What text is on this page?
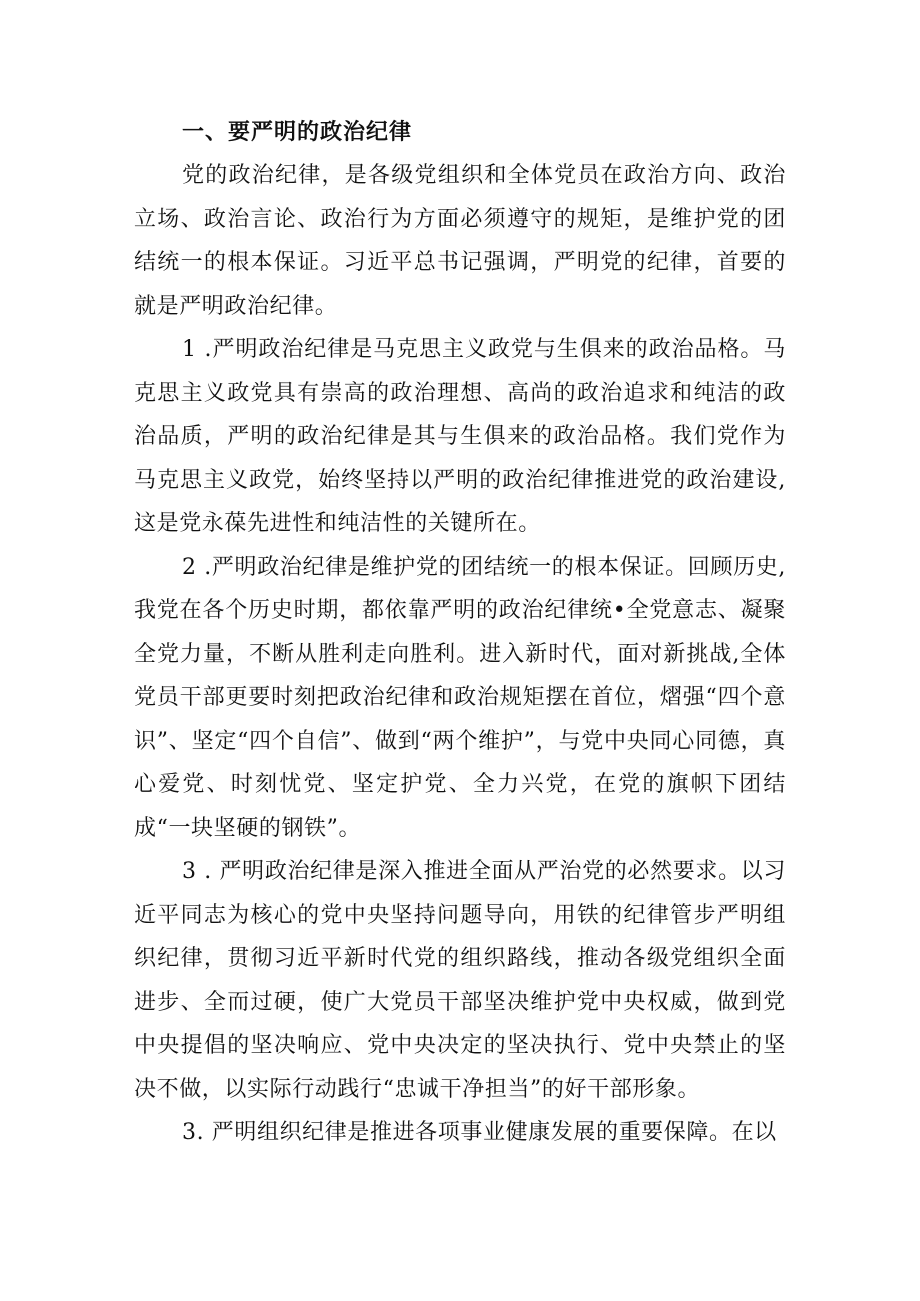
一、要严明的政治纪律

党的政治纪律，是各级党组织和全体党员在政治方向、政治立场、政治言论、政治行为方面必须遵守的规矩，是维护党的团结统一的根本保证。习近平总书记强调，严明党的纪律，首要的就是严明政治纪律。

1 .严明政治纪律是马克思主义政党与生俱来的政治品格。马克思主义政党具有崇高的政治理想、高尚的政治追求和纯洁的政治品质，严明的政治纪律是其与生俱来的政治品格。我们党作为马克思主义政党，始终坚持以严明的政治纪律推进党的政治建设,这是党永葆先进性和纯洁性的关键所在。

2 .严明政治纪律是维护党的团结统一的根本保证。回顾历史,我党在各个历史时期，都依靠严明的政治纪律统•全党意志、凝聚全党力量，不断从胜利走向胜利。进入新时代，面对新挑战,全体党员干部更要时刻把政治纪律和政治规矩摆在首位，熠强“四个意识”、坚定“四个自信”、做到“两个维护”，与党中央同心同德，真心爱党、时刻忧党、坚定护党、全力兴党，在党的旗帜下团结成“一块坚硬的钢铁”。

3 . 严明政治纪律是深入推进全面从严治党的必然要求。以习近平同志为核心的党中央坚持问题导向，用铁的纪律管步严明组织纪律，贯彻习近平新时代党的组织路线，推动各级党组织全面进步、全而过硬，使广大党员干部坚决维护党中央权威，做到党中央提倡的坚决响应、党中央决定的坚决执行、党中央禁止的坚决不做，以实际行动践行“忠诚干净担当”的好干部形象。

3. 严明组织纪律是推进各项事业健康发展的重要保障。在以
